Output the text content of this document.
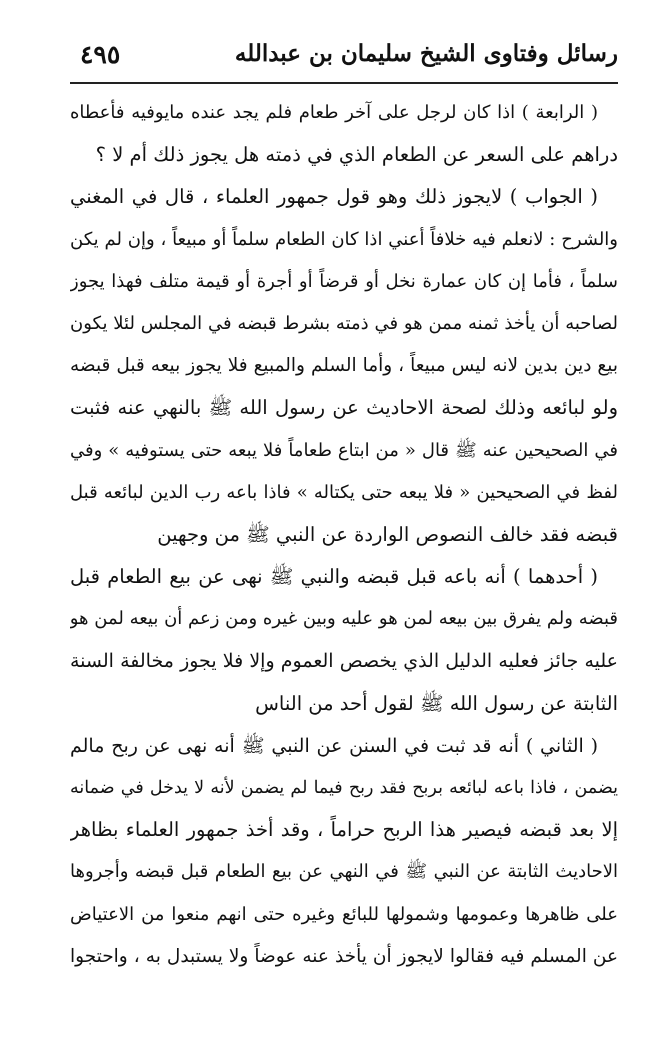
رسائل وفتاوى الشيخ سليمان بن عبدالله
٤٩٥
( الرابعة ) اذا كان لرجل على آخر طعام فلم يجد عنده مايوفيه فأعطاه
دراهم على السعر عن الطعام الذي في ذمته هل يجوز ذلك أم لا ؟
( الجواب ) لايجوز ذلك وهو قول جمهور العلماء ، قال في المغني
والشرح : لانعلم فيه خلافاً أعني اذا كان الطعام سلماً أو مبيعاً ، وإن لم يكن
سلماً ، فأما إن كان عمارة نخل أو قرضاً أو أجرة أو قيمة متلف فهذا يجوز
لصاحبه أن يأخذ ثمنه ممن هو في ذمته بشرط قبضه في المجلس لئلا يكون
بيع دين بدين لانه ليس مبيعاً ، وأما السلم والمبيع فلا يجوز بيعه قبل قبضه
ولو لبائعه وذلك لصحة الاحاديث عن رسول الله ﷺ بالنهي عنه فثبت
في الصحيحين عنه ﷺ قال « من ابتاع طعاماً فلا يبعه حتى يستوفيه » وفي
لفظ في الصحيحين « فلا يبعه حتى يكتاله » فاذا باعه رب الدين لبائعه قبل
قبضه فقد خالف النصوص الواردة عن النبي ﷺ من وجهين
( أحدهما ) أنه باعه قبل قبضه والنبي ﷺ نهى عن بيع الطعام قبل
قبضه ولم يفرق بين بيعه لمن هو عليه وبين غيره ومن زعم أن بيعه لمن هو
عليه جائز فعليه الدليل الذي يخصص العموم وإلا فلا يجوز مخالفة السنة
الثابتة عن رسول الله ﷺ لقول أحد من الناس
( الثاني ) أنه قد ثبت في السنن عن النبي ﷺ أنه نهى عن ربح مالم
يضمن ، فاذا باعه لبائعه بربح فقد ربح فيما لم يضمن لأنه لا يدخل في ضمانه
إلا بعد قبضه فيصير هذا الربح حراماً ، وقد أخذ جمهور العلماء بظاهر
الاحاديث الثابتة عن النبي ﷺ في النهي عن بيع الطعام قبل قبضه وأجروها
على ظاهرها وعمومها وشمولها للبائع وغيره حتى انهم منعوا من الاعتياض
عن المسلم فيه فقالوا لايجوز أن يأخذ عنه عوضاً ولا يستبدل به ، واحتجوا
